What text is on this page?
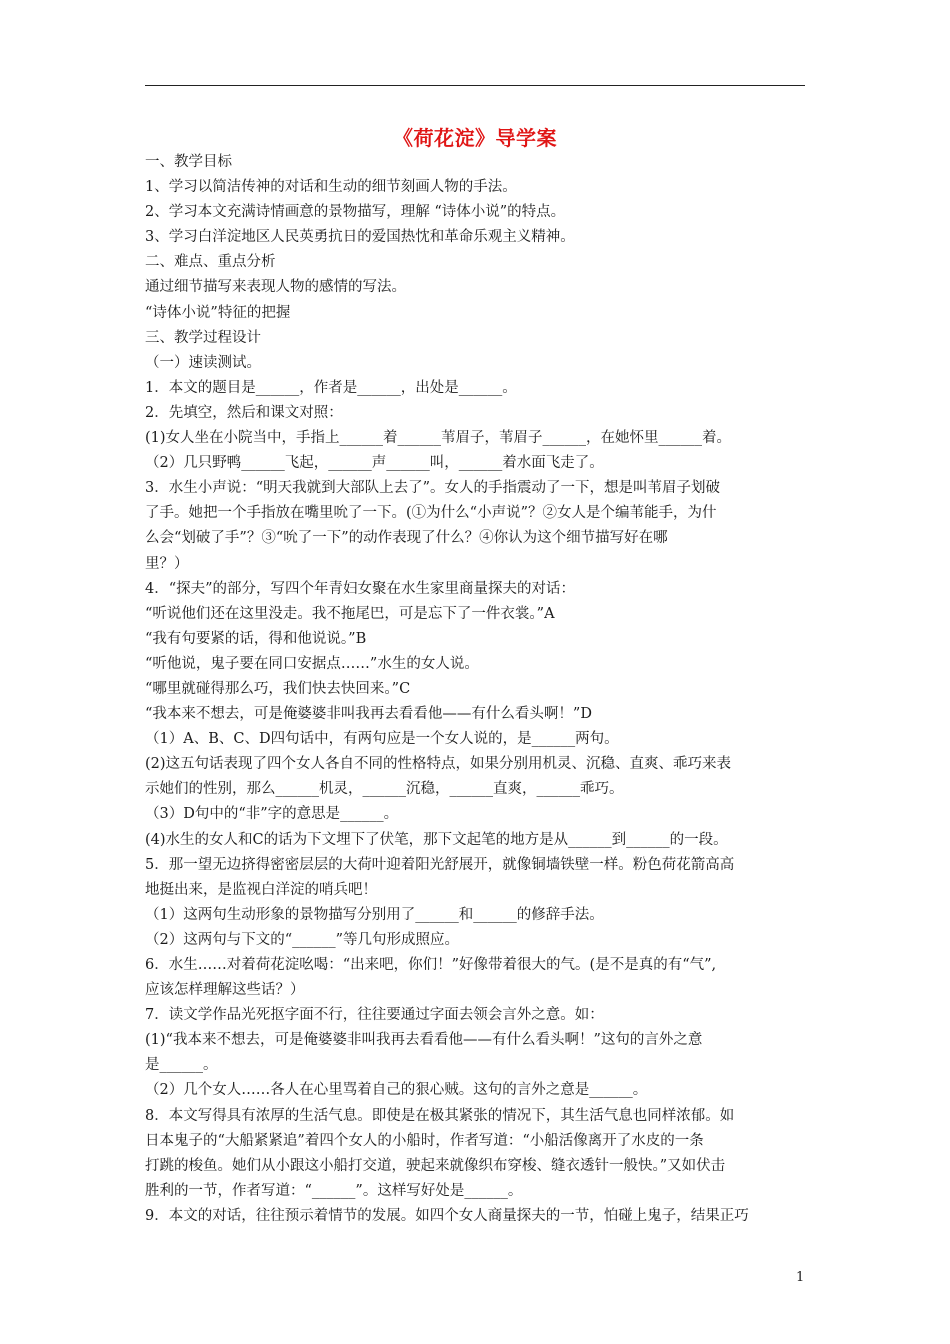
《荷花淀》导学案
一、教学目标
1、学习以简洁传神的对话和生动的细节刻画人物的手法。
2、学习本文充满诗情画意的景物描写，理解 “诗体小说”的特点。
3、学习白洋淀地区人民英勇抗日的爱国热忱和革命乐观主义精神。
二、难点、重点分析
通过细节描写来表现人物的感情的写法。
“诗体小说”特征的把握
三、教学过程设计
（一）速读测试。
1．本文的题目是______，作者是______，出处是______。
2．先填空，然后和课文对照：
(1)女人坐在小院当中，手指上______着______苇眉子，苇眉子______，在她怀里______着。
（2）几只野鸭______飞起，______声______叫，______着水面飞走了。
3．水生小声说：“明天我就到大部队上去了”。女人的手指震动了一下，想是叫苇眉子划破
了手。她把一个手指放在嘴里吮了一下。(①为什么“小声说”？②女人是个编苇能手，为什
么会“划破了手”？③“吮了一下”的动作表现了什么？④你认为这个细节描写好在哪
里？）
4．“探夫”的部分，写四个年青妇女聚在水生家里商量探夫的对话：
“听说他们还在这里没走。我不拖尾巴，可是忘下了一件衣裳。”A
“我有句要紧的话，得和他说说。”B
“听他说，鬼子要在同口安据点……”水生的女人说。
“哪里就碰得那么巧，我们快去快回来。”C
“我本来不想去，可是俺婆婆非叫我再去看看他——有什么看头啊！”D
（1）A、B、C、D四句话中，有两句应是一个女人说的，是______两句。
(2)这五句话表现了四个女人各自不同的性格特点，如果分别用机灵、沉稳、直爽、乖巧来表
示她们的性别，那么______机灵，______沉稳，______直爽，______乖巧。
（3）D句中的“非”字的意思是______。
(4)水生的女人和C的话为下文埋下了伏笔，那下文起笔的地方是从______到______的一段。
5．那一望无边挤得密密层层的大荷叶迎着阳光舒展开，就像铜墙铁壁一样。粉色荷花箭高高
地挺出来，是监视白洋淀的哨兵吧！
（1）这两句生动形象的景物描写分别用了______和______的修辞手法。
（2）这两句与下文的“______”等几句形成照应。
6．水生……对着荷花淀吆喝：“出来吧，你们！”好像带着很大的气。(是不是真的有“气”,
应该怎样理解这些话？）
7．读文学作品光死抠字面不行，往往要通过字面去领会言外之意。如：
(1)“我本来不想去，可是俺婆婆非叫我再去看看他——有什么看头啊！”这句的言外之意
是______。
（2）几个女人……各人在心里骂着自己的狠心贼。这句的言外之意是______。
8．本文写得具有浓厚的生活气息。即使是在极其紧张的情况下，其生活气息也同样浓郁。如
日本鬼子的“大船紧紧追”着四个女人的小船时，作者写道：“小船活像离开了水皮的一条
打跳的梭鱼。她们从小跟这小船打交道，驶起来就像织布穿梭、缝衣透针一般快。”又如伏击
胜利的一节，作者写道：“______”。这样写好处是______。
9．本文的对话，往往预示着情节的发展。如四个女人商量探夫的一节，怕碰上鬼子，结果正巧
1
